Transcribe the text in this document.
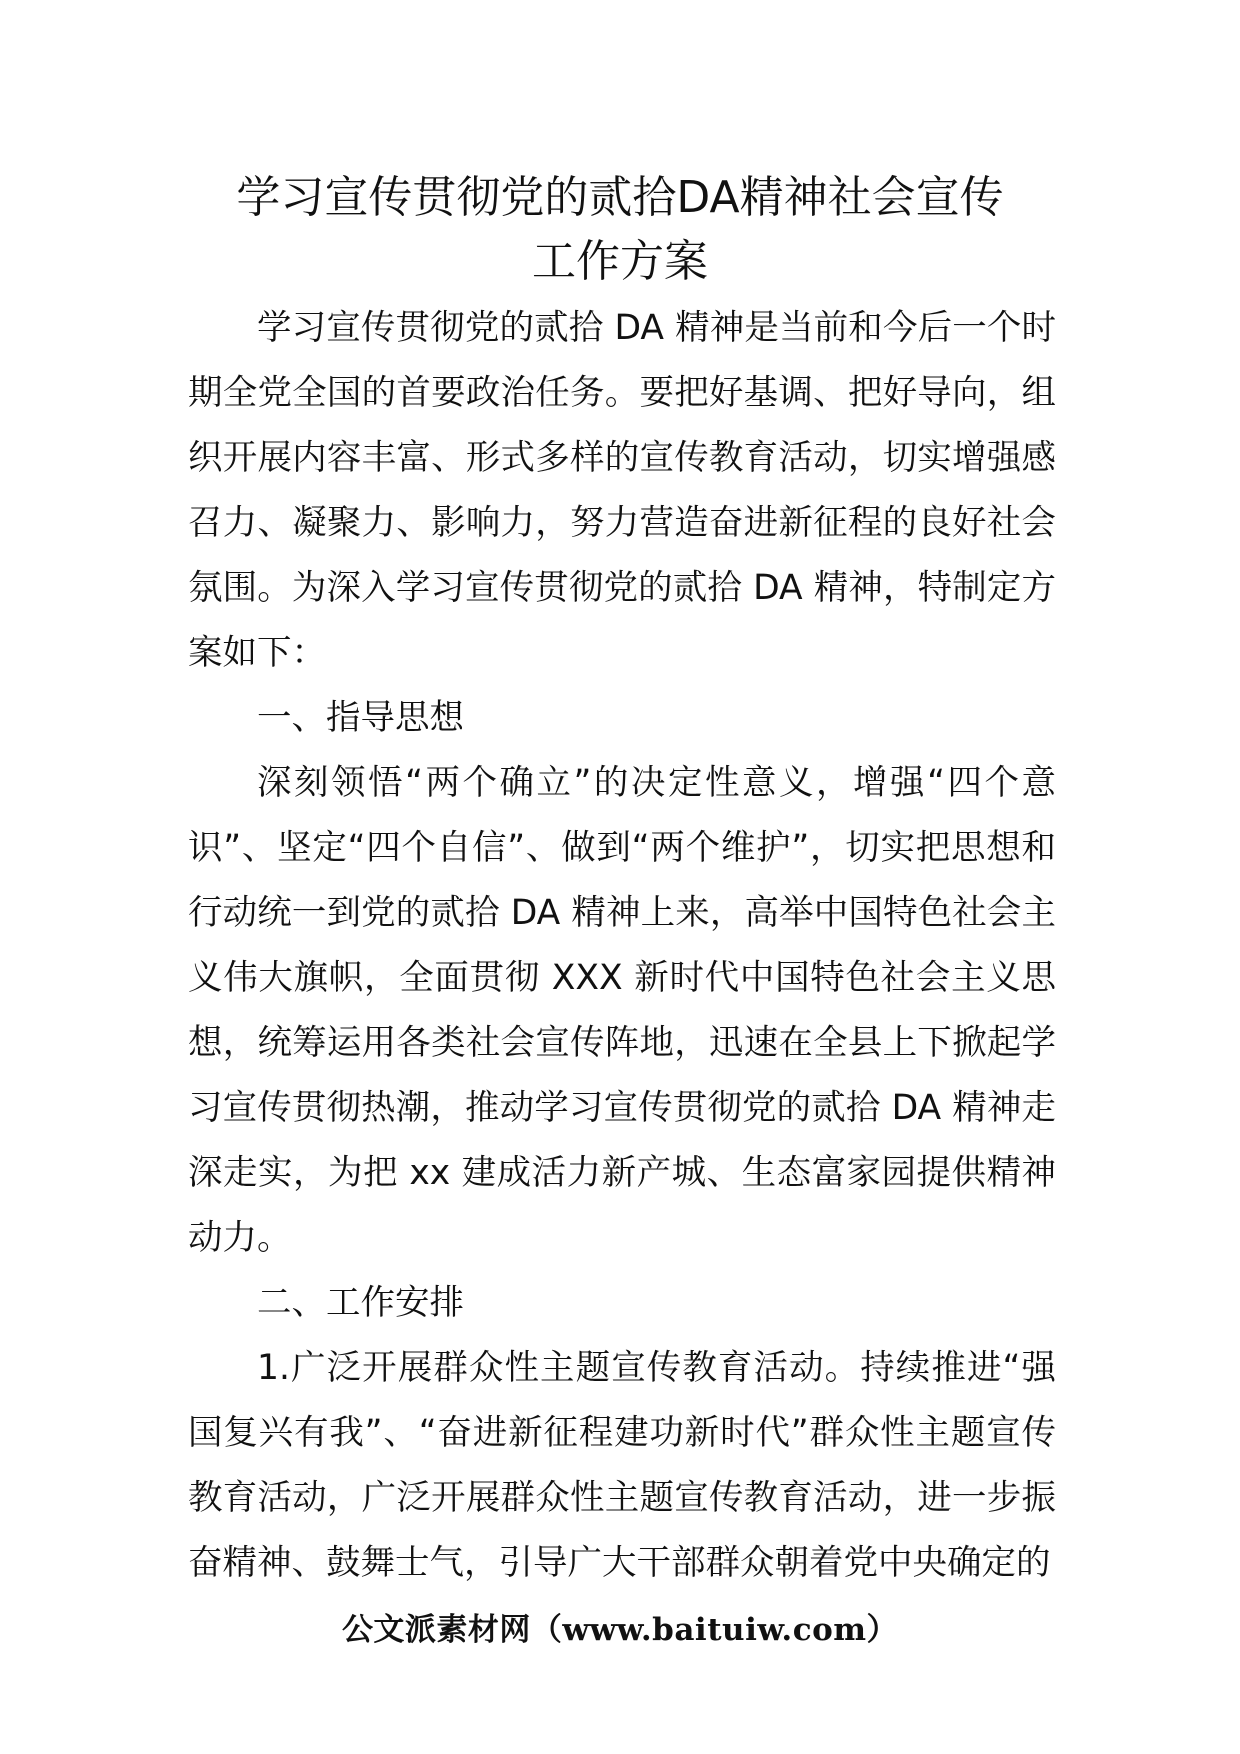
学习宣传贯彻党的贰拾DA精神社会宣传
工作方案

学习宣传贯彻党的贰拾 DA 精神是当前和今后一个时期全党全国的首要政治任务。要把好基调、把好导向，组织开展内容丰富、形式多样的宣传教育活动，切实增强感召力、凝聚力、影响力，努力营造奋进新征程的良好社会氛围。为深入学习宣传贯彻党的贰拾 DA 精神，特制定方案如下：

一、指导思想

深刻领悟“两个确立”的决定性意义，增强“四个意识”、坚定“四个自信”、做到“两个维护”，切实把思想和行动统一到党的贰拾 DA 精神上来，高举中国特色社会主义伟大旗帜，全面贯彻 XXX 新时代中国特色社会主义思想，统筹运用各类社会宣传阵地，迅速在全县上下掀起学习宣传贯彻热潮，推动学习宣传贯彻党的贰拾 DA 精神走深走实，为把 xx 建成活力新产城、生态富家园提供精神动力。

二、工作安排

1.广泛开展群众性主题宣传教育活动。持续推进“强国复兴有我”、“奋进新征程建功新时代”群众性主题宣传教育活动，广泛开展群众性主题宣传教育活动，进一步振奋精神、鼓舞士气，引导广大干部群众朝着党中央确定的

公文派素材网（www.baituiw.com）
